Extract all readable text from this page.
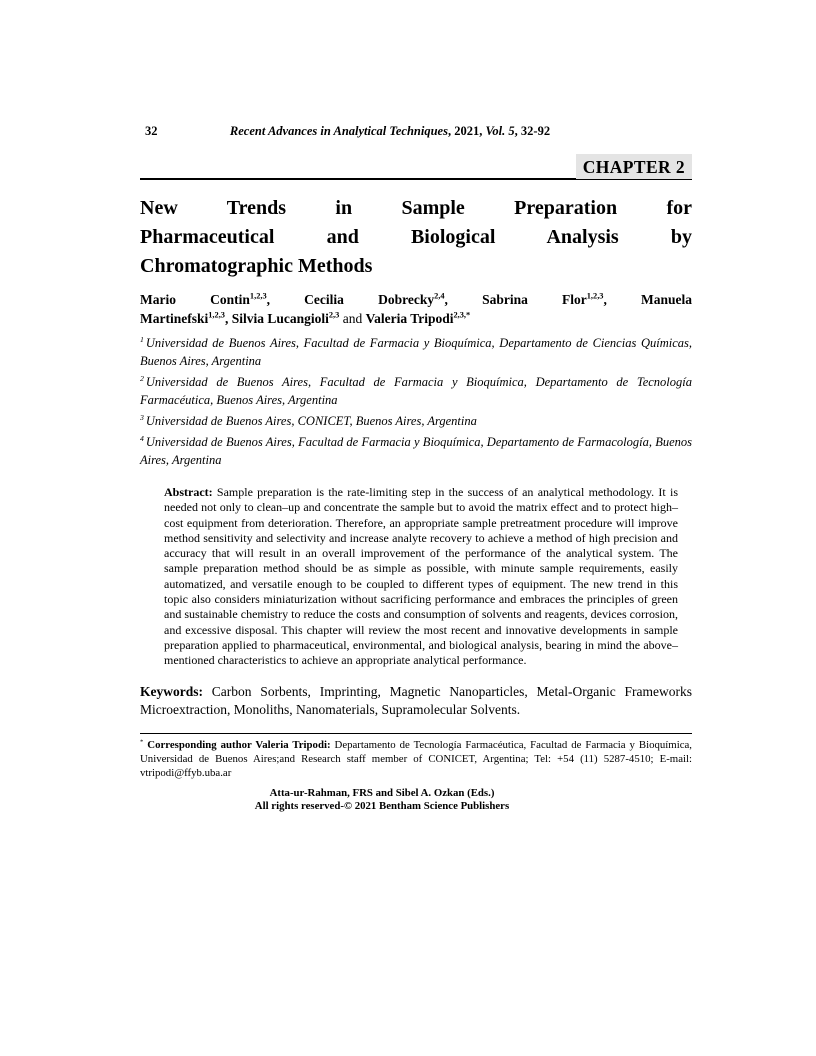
32	Recent Advances in Analytical Techniques, 2021, Vol. 5, 32-92
CHAPTER 2
New Trends in Sample Preparation for
Pharmaceutical and Biological Analysis by
Chromatographic Methods
Mario Contin$^{1,2,3}$, Cecilia Dobrecky$^{2,4}$, Sabrina Flor$^{1,2,3}$, Manuela
Martinefski$^{1,2,3}$, Silvia Lucangioli$^{2,3}$ and Valeria Tripodi$^{2,3,*}$

$^1$ Universidad de Buenos Aires, Facultad de Farmacia y Bioquímica, Departamento de Ciencias Químicas, Buenos Aires, Argentina

$^2$ Universidad de Buenos Aires, Facultad de Farmacia y Bioquímica, Departamento de Tecnología Farmacéutica, Buenos Aires, Argentina

$^3$ Universidad de Buenos Aires, CONICET, Buenos Aires, Argentina

$^4$ Universidad de Buenos Aires, Facultad de Farmacia y Bioquímica, Departamento de Farmacología, Buenos Aires, Argentina

Abstract: Sample preparation is the rate-limiting step in the success of an analytical methodology. It is needed not only to clean–up and concentrate the sample but to avoid the matrix effect and to protect high–cost equipment from deterioration. Therefore, an appropriate sample pretreatment procedure will improve method sensitivity and selectivity and increase analyte recovery to achieve a method of high precision and accuracy that will result in an overall improvement of the performance of the analytical system. The sample preparation method should be as simple as possible, with minute sample requirements, easily automatized, and versatile enough to be coupled to different types of equipment. The new trend in this topic also considers miniaturization without sacrificing performance and embraces the principles of green and sustainable chemistry to reduce the costs and consumption of solvents and reagents, devices corrosion, and excessive disposal. This chapter will review the most recent and innovative developments in sample preparation applied to pharmaceutical, environmental, and biological analysis, bearing in mind the above–mentioned characteristics to achieve an appropriate analytical performance.

Keywords: Carbon Sorbents, Imprinting, Magnetic Nanoparticles, Metal-Organic Frameworks Microextraction, Monoliths, Nanomaterials, Supramolecular Solvents.

* Corresponding author Valeria Tripodi: Departamento de Tecnología Farmacéutica, Facultad de Farmacia y Bioquímica, Universidad de Buenos Aires;and Research staff member of CONICET, Argentina; Tel: +54 (11) 5287-4510; E-mail: vtripodi@ffyb.uba.ar

Atta-ur-Rahman, FRS and Sibel A. Ozkan (Eds.)
All rights reserved-© 2021 Bentham Science Publishers
